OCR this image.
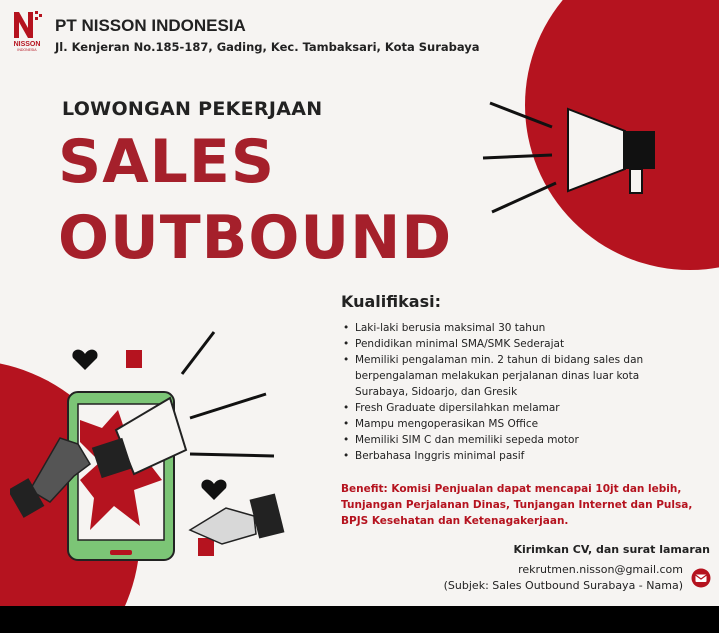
NISSON
INDONESIA
PT NISSON INDONESIA
Jl. Kenjeran No.185-187, Gading, Kec. Tambaksari, Kota Surabaya
LOWONGAN PEKERJAAN
SALES
OUTBOUND
Kualifikasi:
• Laki-laki berusia maksimal 30 tahun
• Pendidikan minimal SMA/SMK Sederajat
• Memiliki pengalaman min. 2 tahun di bidang sales dan berpengalaman melakukan perjalanan dinas luar kota Surabaya, Sidoarjo, dan Gresik
• Fresh Graduate dipersilahkan melamar
• Mampu mengoperasikan MS Office
• Memiliki SIM C dan memiliki sepeda motor
• Berbahasa Inggris minimal pasif
Benefit: Komisi Penjualan dapat mencapai 10jt dan lebih, Tunjangan Perjalanan Dinas, Tunjangan Internet dan Pulsa, BPJS Kesehatan dan Ketenagakerjaan.
Kirimkan CV, dan surat lamaran
rekrutmen.nisson@gmail.com
(Subjek: Sales Outbound Surabaya - Nama)
